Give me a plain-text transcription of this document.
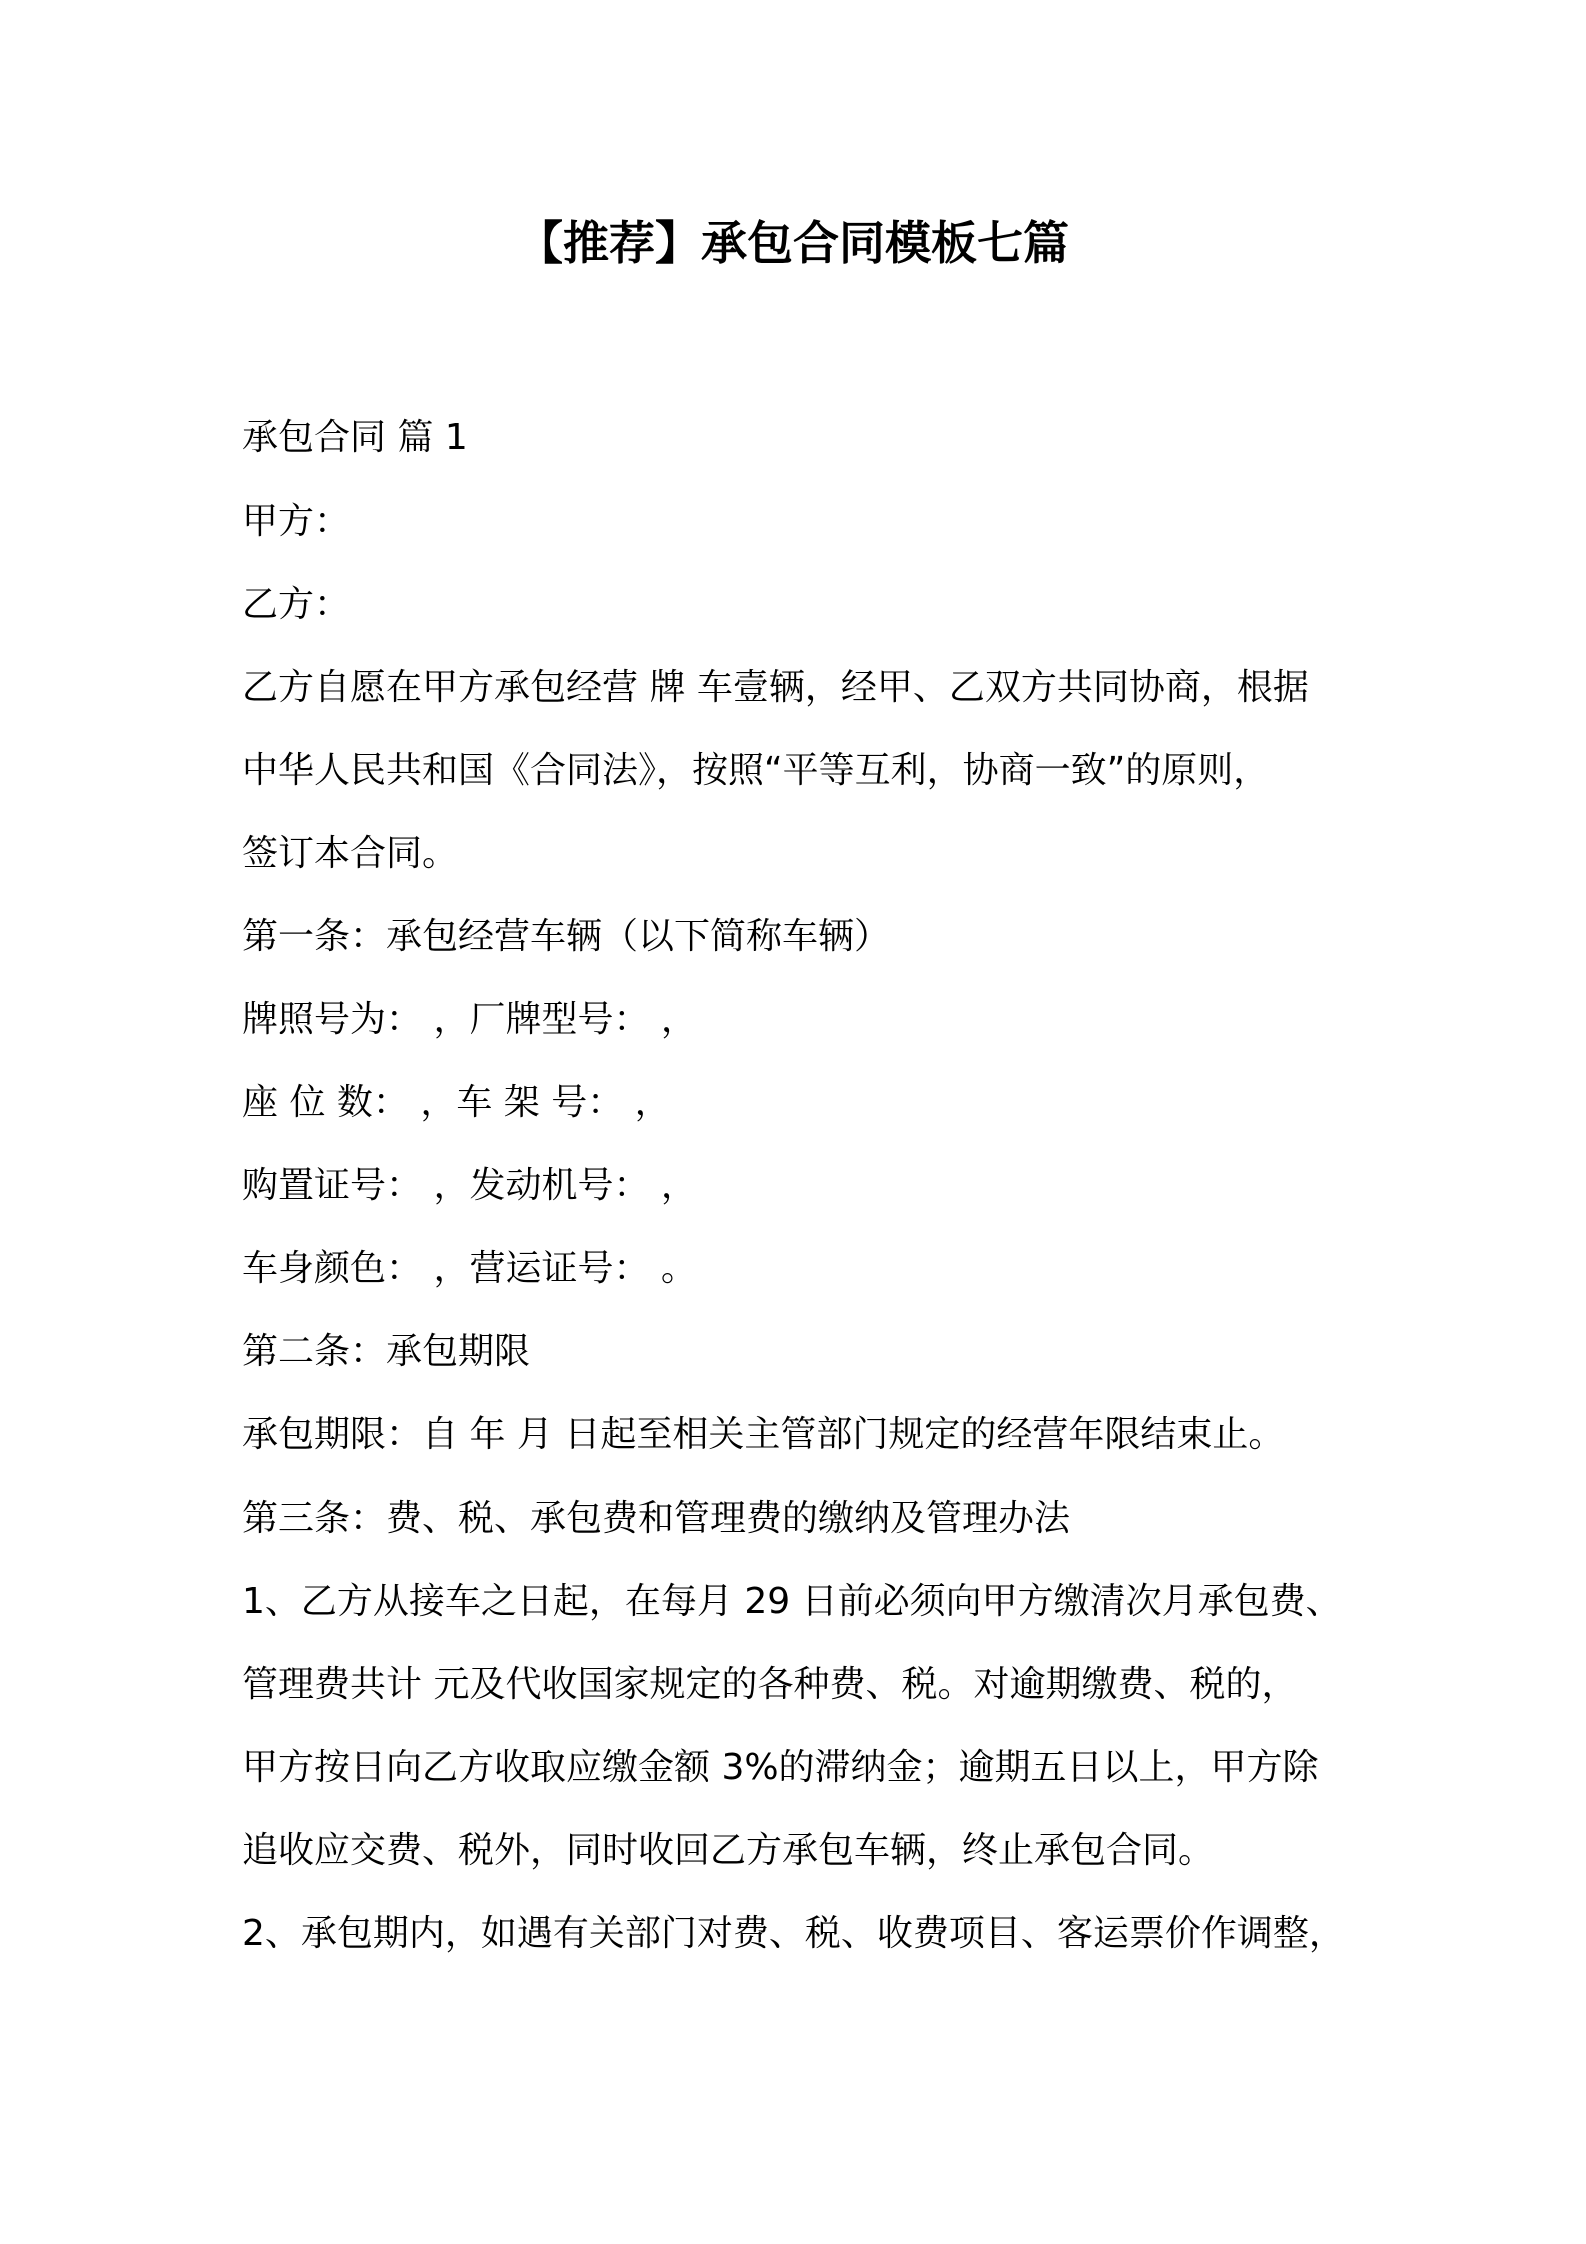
【推荐】承包合同模板七篇
承包合同 篇 1
甲方：
乙方：
乙方自愿在甲方承包经营 牌 车壹辆，经甲、乙双方共同协商，根据
中华人民共和国《合同法》，按照“平等互利，协商一致”的原则，
签订本合同。
第一条：承包经营车辆（以下简称车辆）
牌照号为： ，厂牌型号： ，
座 位 数： ，车 架 号： ，
购置证号： ，发动机号： ，
车身颜色： ，营运证号： 。
第二条：承包期限
承包期限：自 年 月 日起至相关主管部门规定的经营年限结束止。
第三条：费、税、承包费和管理费的缴纳及管理办法
1、乙方从接车之日起，在每月 29 日前必须向甲方缴清次月承包费、
管理费共计 元及代收国家规定的各种费、税。对逾期缴费、税的，
甲方按日向乙方收取应缴金额 3%的滞纳金；逾期五日以上，甲方除
追收应交费、税外，同时收回乙方承包车辆，终止承包合同。
2、承包期内，如遇有关部门对费、税、收费项目、客运票价作调整，
